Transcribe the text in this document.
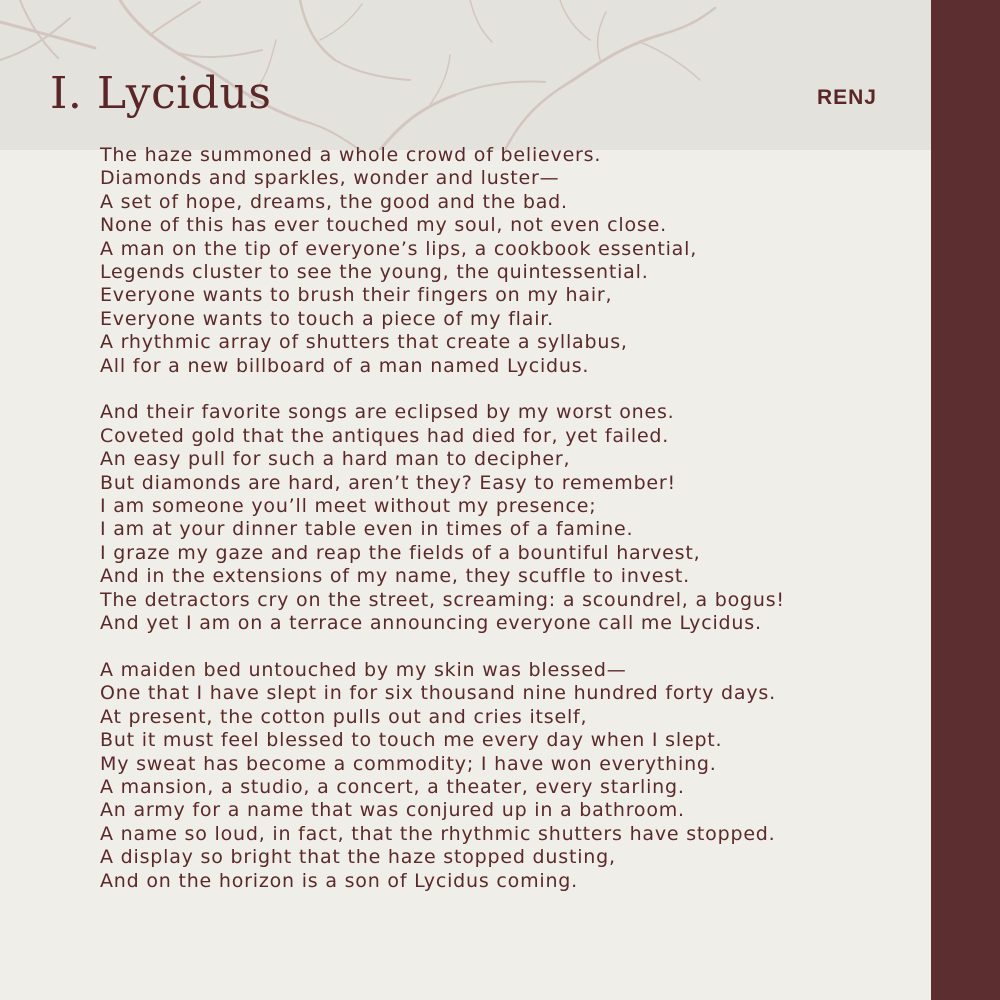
I. Lycidus	RENJ
The haze summoned a whole crowd of believers.
Diamonds and sparkles, wonder and luster—
A set of hope, dreams, the good and the bad.
None of this has ever touched my soul, not even close.
A man on the tip of everyone’s lips, a cookbook essential,
Legends cluster to see the young, the quintessential.
Everyone wants to brush their fingers on my hair,
Everyone wants to touch a piece of my flair.
A rhythmic array of shutters that create a syllabus,
All for a new billboard of a man named Lycidus.
And their favorite songs are eclipsed by my worst ones.
Coveted gold that the antiques had died for, yet failed.
An easy pull for such a hard man to decipher,
But diamonds are hard, aren’t they? Easy to remember!
I am someone you’ll meet without my presence;
I am at your dinner table even in times of a famine.
I graze my gaze and reap the fields of a bountiful harvest,
And in the extensions of my name, they scuffle to invest.
The detractors cry on the street, screaming: a scoundrel, a bogus!
And yet I am on a terrace announcing everyone call me Lycidus.
A maiden bed untouched by my skin was blessed—
One that I have slept in for six thousand nine hundred forty days.
At present, the cotton pulls out and cries itself,
But it must feel blessed to touch me every day when I slept.
My sweat has become a commodity; I have won everything.
A mansion, a studio, a concert, a theater, every starling.
An army for a name that was conjured up in a bathroom.
A name so loud, in fact, that the rhythmic shutters have stopped.
A display so bright that the haze stopped dusting,
And on the horizon is a son of Lycidus coming.
